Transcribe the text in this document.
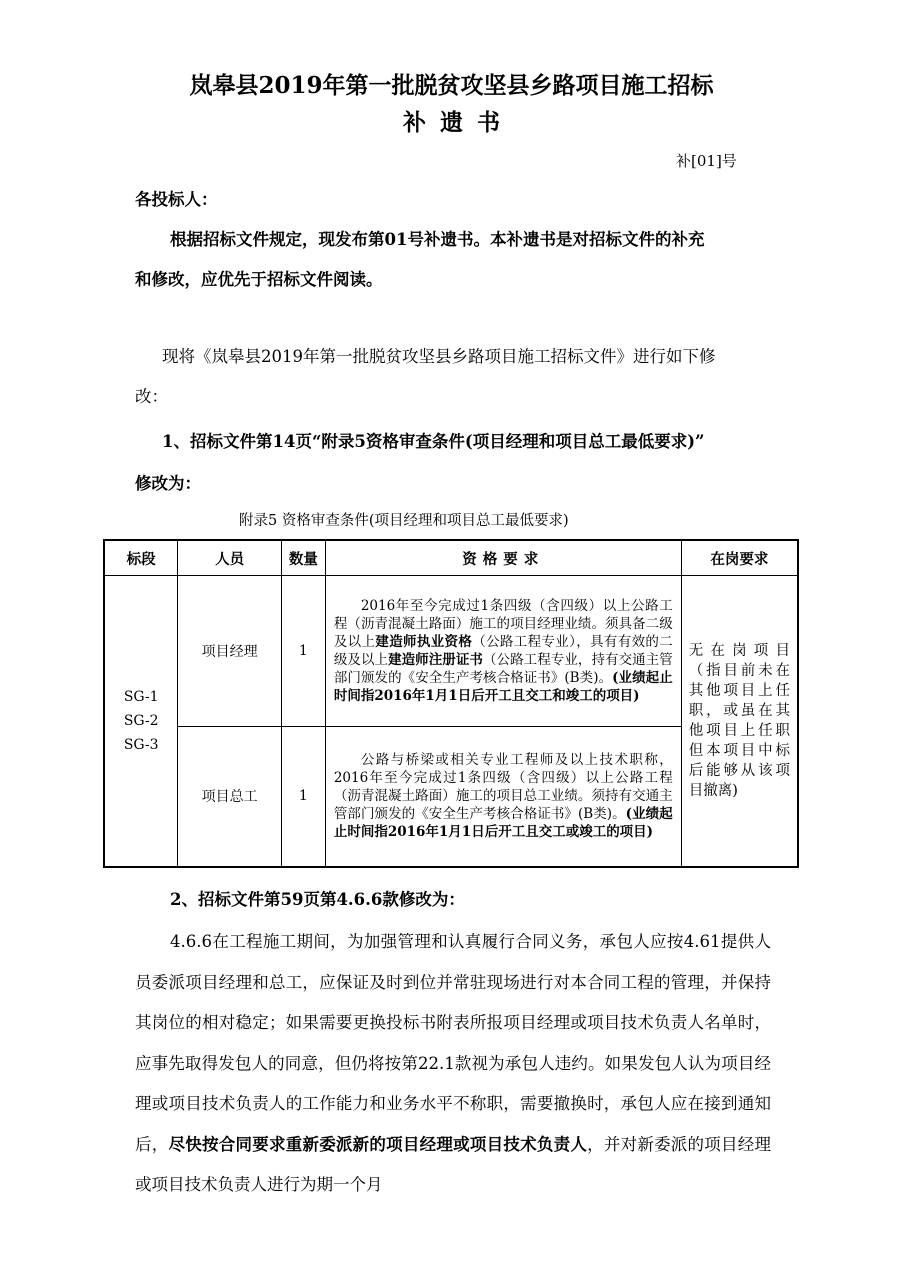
岚皋县2019年第一批脱贫攻坚县乡路项目施工招标
补遗书
补[01]号
各投标人：
根据招标文件规定，现发布第01号补遗书。本补遗书是对招标文件的补充
和修改，应优先于招标文件阅读。
现将《岚皋县2019年第一批脱贫攻坚县乡路项目施工招标文件》进行如下修
改：
1、招标文件第14页“附录5资格审查条件(项目经理和项目总工最低要求)”
修改为：
附录5 资格审查条件(项目经理和项目总工最低要求)
标段	人员	数量	资格要求	在岗要求

SG-1
SG-2
SG-3	项目经理	1	2016年至今完成过1条四级（含四级）以上公路工程（沥青混凝土路面）施工的项目经理业绩。须具备二级及以上建造师执业资格（公路工程专业），具有有效的二级及以上建造师注册证书（公路工程专业，持有交通主管部门颁发的《安全生产考核合格证书》(B类)。(业绩起止时间指2016年1月1日后开工且交工和竣工的项目)	无在岗项目（指目前未在其他项目上任职，或虽在其他项目上任职但本项目中标后能够从该项目撤离)
	项目总工	1	公路与桥梁或相关专业工程师及以上技术职称，2016年至今完成过1条四级（含四级）以上公路工程（沥青混凝土路面）施工的项目总工业绩。须持有交通主管部门颁发的《安全生产考核合格证书》(B类)。(业绩起止时间指2016年1月1日后开工且交工或竣工的项目)	
2、招标文件第59页第4.6.6款修改为：
4.6.6在工程施工期间，为加强管理和认真履行合同义务，承包人应按4.61提供人员委派项目经理和总工，应保证及时到位并常驻现场进行对本合同工程的管理，并保持其岗位的相对稳定；如果需要更换投标书附表所报项目经理或项目技术负责人名单时，应事先取得发包人的同意，但仍将按第22.1款视为承包人违约。如果发包人认为项目经理或项目技术负责人的工作能力和业务水平不称职，需要撤换时，承包人应在接到通知后，尽快按合同要求重新委派新的项目经理或项目技术负责人，并对新委派的项目经理或项目技术负责人进行为期一个月
